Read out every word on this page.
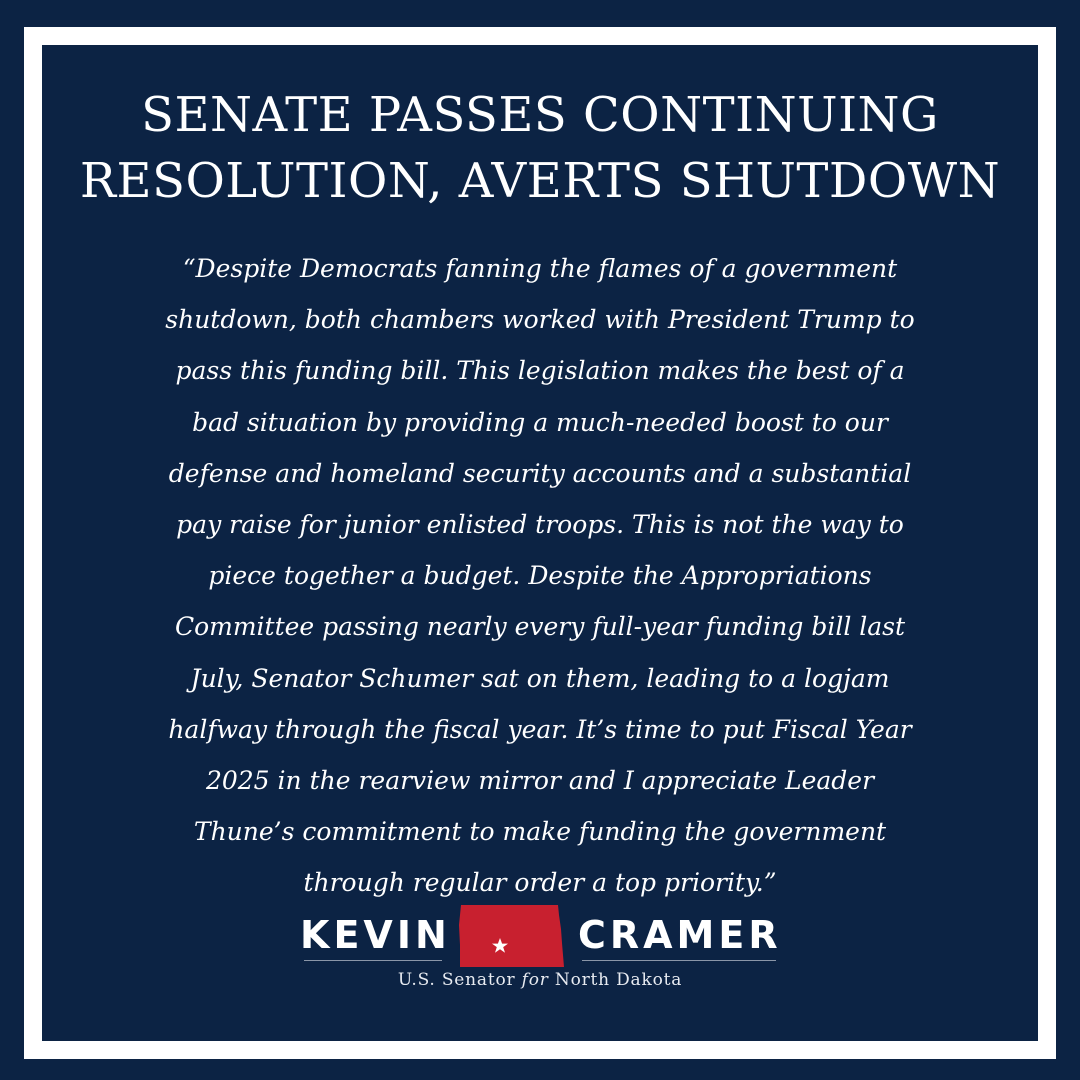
SENATE PASSES CONTINUING
RESOLUTION, AVERTS SHUTDOWN
“Despite Democrats fanning the flames of a government
shutdown, both chambers worked with President Trump to
pass this funding bill. This legislation makes the best of a
bad situation by providing a much-needed boost to our
defense and homeland security accounts and a substantial
pay raise for junior enlisted troops. This is not the way to
piece together a budget. Despite the Appropriations
Committee passing nearly every full-year funding bill last
July, Senator Schumer sat on them, leading to a logjam
halfway through the fiscal year. It’s time to put Fiscal Year
2025 in the rearview mirror and I appreciate Leader
Thune’s commitment to make funding the government
through regular order a top priority.”
KEVIN	CRAMER
U.S. Senator for North Dakota
